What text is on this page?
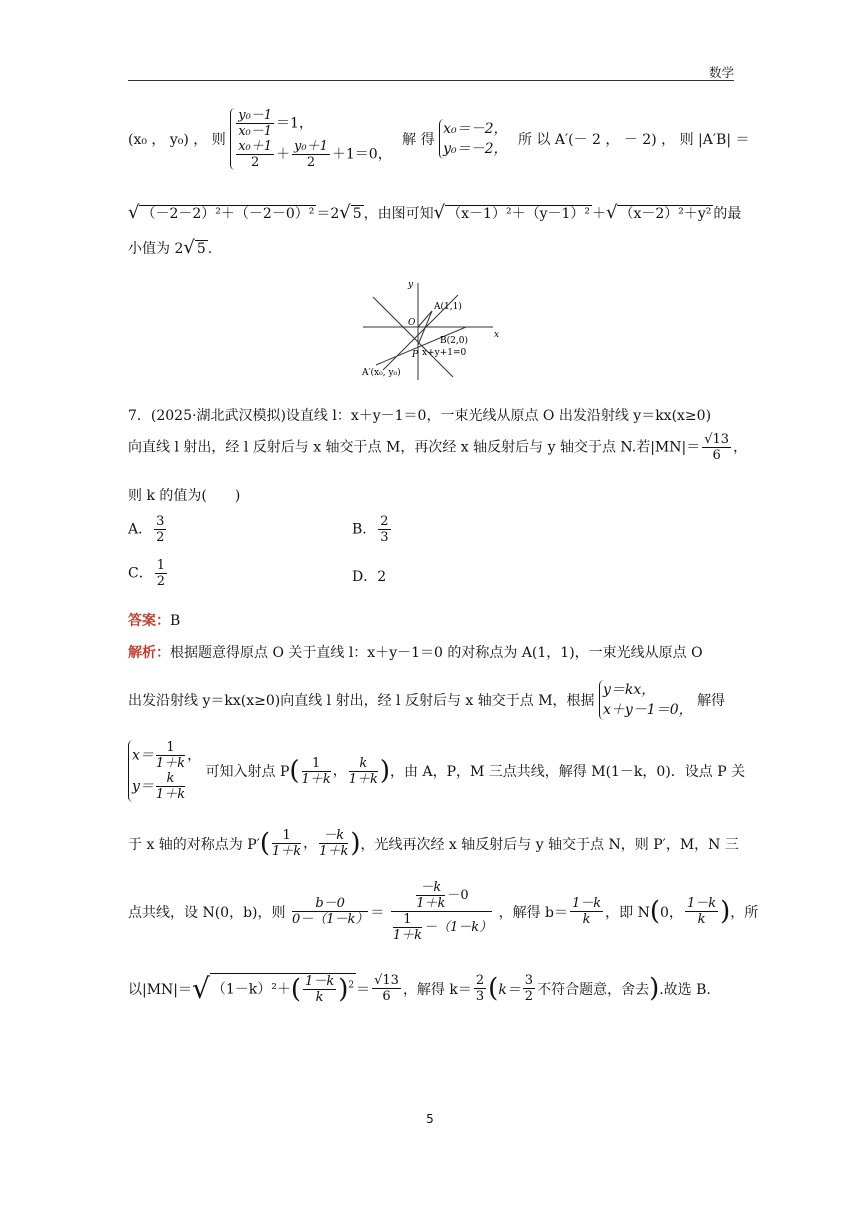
数学
(x₀ ， y₀) ， 则
$\frac{\text{y₀－1}}{\text{x₀－1}} =1$，
$\frac{\text{x₀＋1}}{2} + \frac{\text{y₀＋1}}{2} +1=0$，
解 得
x₀＝－2，
y₀＝－2，
所 以 A′(－ 2 ， － 2) ， 则 |A′B| ＝
√ （－2－2）²＋（－2－0）² ＝2√ 5 ，由图可知√ （x－1）²＋（y－1）² ＋√ （x－2）²＋y² 的最
小值为 2√ 5 .
y
x
O
A(1,1)
B(2,0)
P x+y+1=0
A′(x₀, y₀)
7．(2025·湖北武汉模拟)设直线 l：x＋y－1＝0，一束光线从原点 O 出发沿射线 y＝kx(x≥0)
向直线 l 射出，经 l 反射后与 x 轴交于点 M，再次经 x 轴反射后与 y 轴交于点 N.若$|MN|= \frac{√13}{6}$ ，
则 k 的值为(　　)
A． $\frac{3}{2}$	B． $\frac{2}{3}$
C． $\frac{1}{2}$	D．2
答案：B
解析：根据题意得原点 O 关于直线 l：x＋y－1＝0 的对称点为 A(1，1)，一束光线从原点 O
出发沿射线 y＝kx(x≥0)向直线 l 射出，经 l 反射后与 x 轴交于点 M，根据
y＝kx，
x＋y－1＝0，
解得
$x= \frac{1}{1+k}$ ，
$y= \frac{k}{1+k}$ 可知入射点 $P( \frac{1}{1+k}$ ， $\frac{k}{1+k}$ )，由 A，P，M 三点共线，解得 M(1－k，0)．设点 P 关
于 x 轴的对称点为 $P'( \frac{1}{1+k}$ ， $\frac{-k}{1+k}$ )，光线再次经 x 轴反射后与 y 轴交于点 N，则 P′，M，N 三
点共线，设 N(0，b)，则 $\frac{b-0}{0-(1-k)} = \frac{\frac{-k}{1+k} -0}{\frac{1}{1+k} -(1-k)}$ ，解得 $b= \frac{1-k}{k}$ ，即 N(0， $\frac{1-k}{k}$ )，所
以|MN|＝√ $(1-k)^2+( \frac{1-k}{k} )^2 = \frac{√13}{6}$ ，解得 $k= \frac{2}{3} (k= \frac{3}{2}$ 不符合题意，舍去).故选 B.
5
